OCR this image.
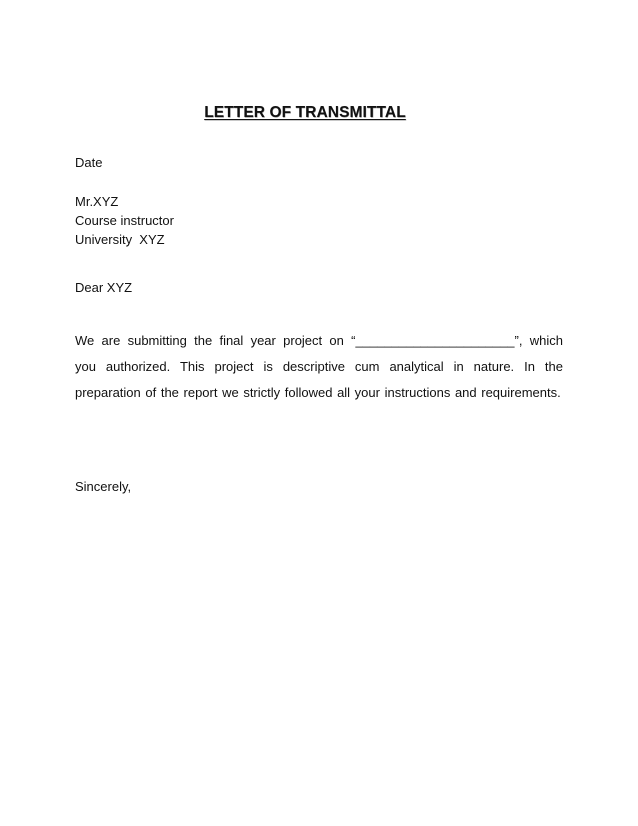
LETTER OF TRANSMITTAL
Date
Mr.XYZ
Course instructor
University  XYZ
Dear XYZ
We are submitting the final year project on “______________________”, which you authorized. This project is descriptive cum analytical in nature. In the preparation of the report we strictly followed all your instructions and requirements.
Sincerely,
